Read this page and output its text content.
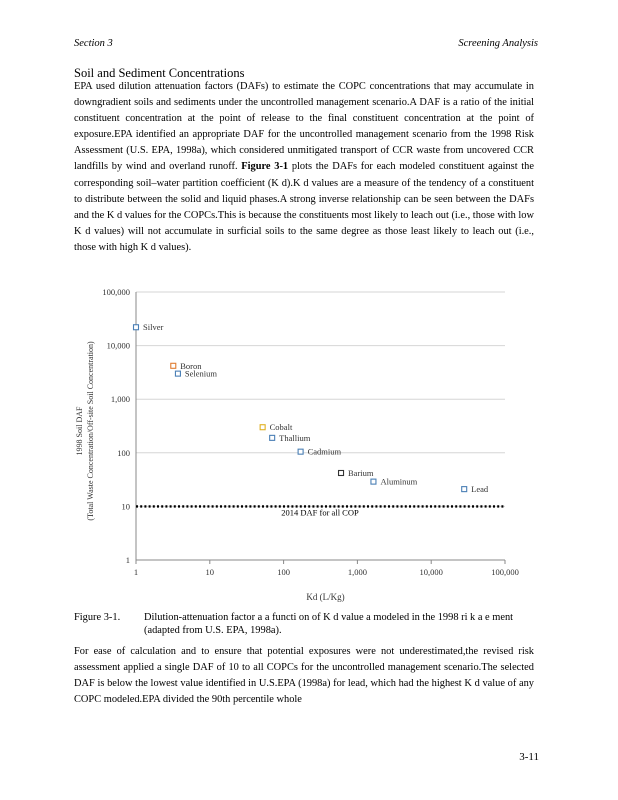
Section 3	Screening Analysis
Soil and Sediment Concentrations

EPA used dilution attenuation factors (DAFs) to estimate the COPC concentrations that may accumulate in downgradient soils and sediments under the uncontrolled management scenario.A DAF is a ratio of the initial constituent concentration at the point of release to the final constituent concentration at the point of exposure.EPA identified an appropriate DAF for the uncontrolled management scenario from the 1998 Risk Assessment (U.S. EPA, 1998a), which considered unmitigated transport of CCR waste from uncovered CCR landfills by wind and overland runoff. Figure 3-1 plots the DAFs for each modeled constituent against the corresponding soil–water partition coefficient (K d).K d values are a measure of the tendency of a constituent to distribute between the solid and liquid phases.A strong inverse relationship can be seen between the DAFs and the K d values for the COPCs.This is because the constituents most likely to leach out (i.e., those with low K d values) will not accumulate in surficial soils to the same degree as those least likely to leach out (i.e., those with high K d values).

1
10
100
1,000
10,000
100,000
1	10	100	1,000	10,000	100,000
Kd (L/Kg)
1998 Soil DAF (Total Waste Concentration/Off-site Soil Concentration)	2014 DAF for all COP
Silver
Boron
Selenium
Cobalt
Thallium
Cadmium
Barium
Aluminum
Lead
Figure 3-1. Dilution-attenuation factor a a functi on of K d value a modeled in the 1998 ri k a e ment (adapted from U.S. EPA, 1998a).

For ease of calculation and to ensure that potential exposures were not underestimated,the revised risk assessment applied a single DAF of 10 to all COPCs for the uncontrolled management scenario.The selected DAF is below the lowest value identified in U.S.EPA (1998a) for lead, which had the highest K d value of any COPC modeled.EPA divided the 90th percentile whole

3-11
